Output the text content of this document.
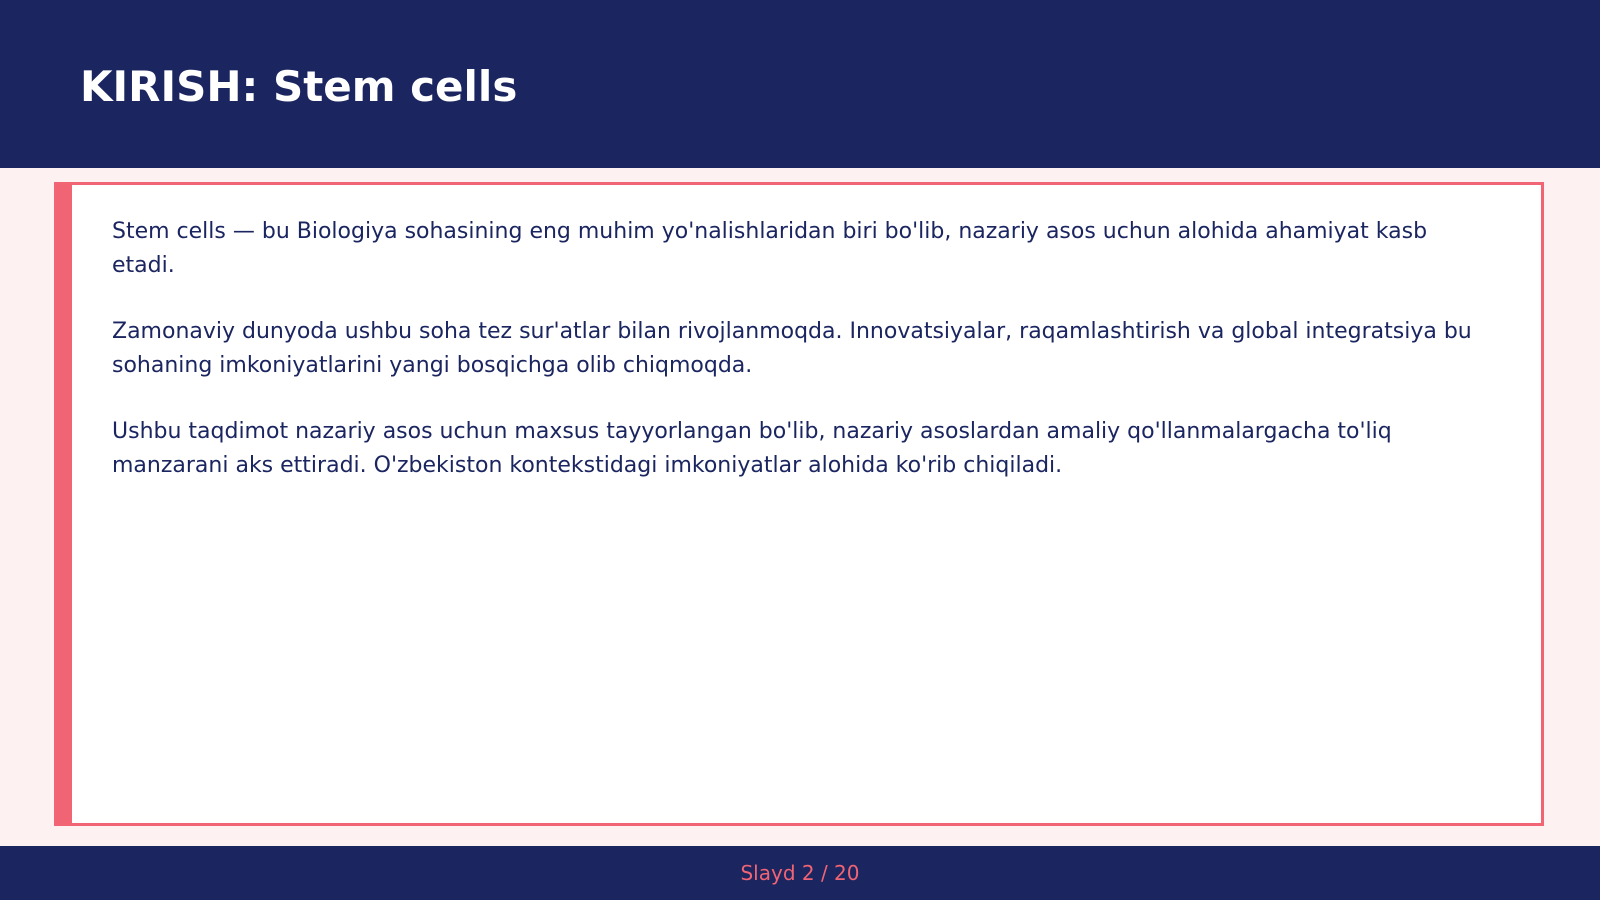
KIRISH: Stem cells

Stem cells — bu Biologiya sohasining eng muhim yo'nalishlaridan biri bo'lib, nazariy asos uchun alohida ahamiyat kasb etadi.

Zamonaviy dunyoda ushbu soha tez sur'atlar bilan rivojlanmoqda. Innovatsiyalar, raqamlashtirish va global integratsiya bu sohaning imkoniyatlarini yangi bosqichga olib chiqmoqda.

Ushbu taqdimot nazariy asos uchun maxsus tayyorlangan bo'lib, nazariy asoslardan amaliy qo'llanmalargacha to'liq manzarani aks ettiradi. O'zbekiston kontekstidagi imkoniyatlar alohida ko'rib chiqiladi.

Slayd 2 / 20
